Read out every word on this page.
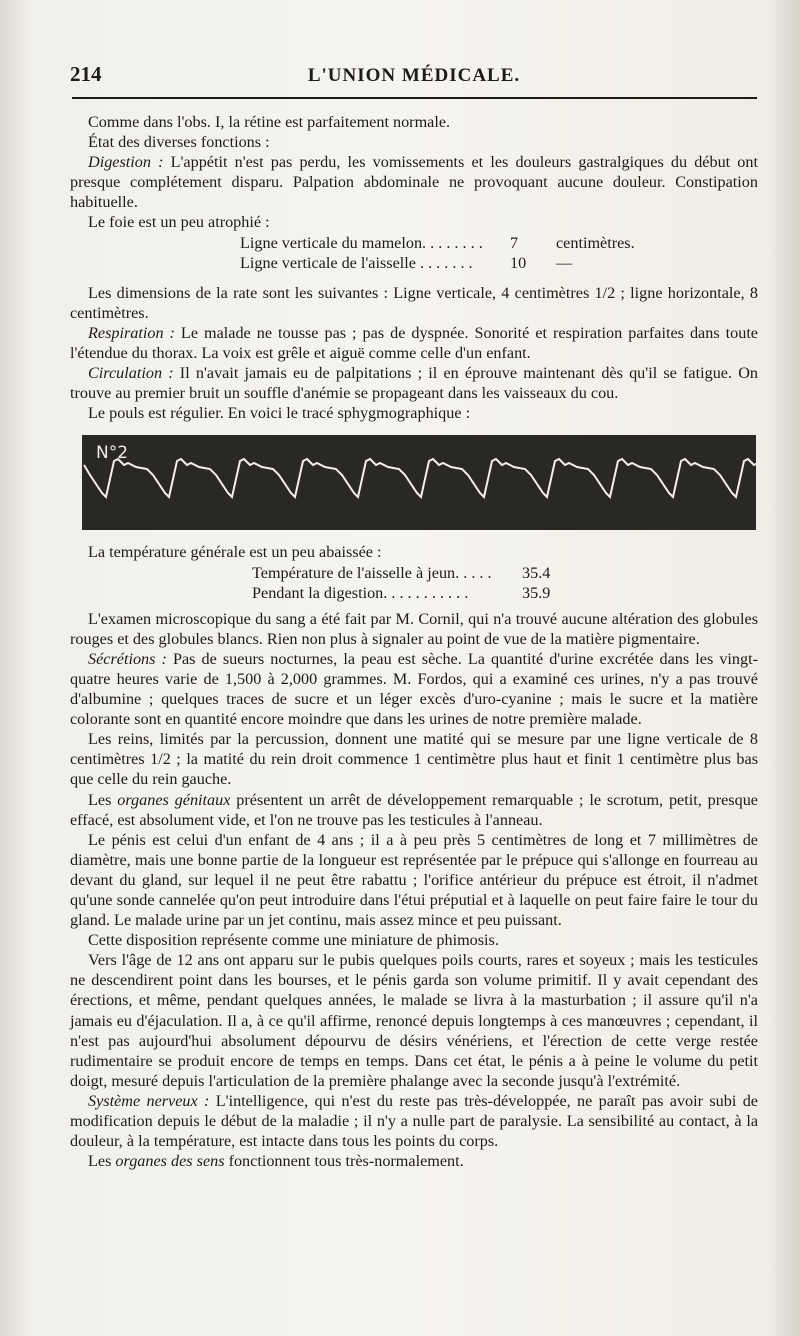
214	L'UNION MÉDICALE.

Comme dans l'obs. I, la rétine est parfaitement normale.

État des diverses fonctions :

Digestion : L'appétit n'est pas perdu, les vomissements et les douleurs gastralgiques du début ont presque complétement disparu. Palpation abdominale ne provoquant aucune douleur. Constipation habituelle.

Le foie est un peu atrophié :

Ligne verticale du mamelon. . . . . . . .	7	centimètres.
Ligne verticale de l'aisselle . . . . . . .	10	—

Les dimensions de la rate sont les suivantes : Ligne verticale, 4 centimètres 1/2 ; ligne horizontale, 8 centimètres.

Respiration : Le malade ne tousse pas ; pas de dyspnée. Sonorité et respiration parfaites dans toute l'étendue du thorax. La voix est grêle et aiguë comme celle d'un enfant.

Circulation : Il n'avait jamais eu de palpitations ; il en éprouve maintenant dès qu'il se fatigue. On trouve au premier bruit un souffle d'anémie se propageant dans les vaisseaux du cou.

Le pouls est régulier. En voici le tracé sphygmographique :

N°2

La température générale est un peu abaissée :

Température de l'aisselle à jeun. . . . .	35.4
Pendant la digestion. . . . . . . . . . .	35.9

L'examen microscopique du sang a été fait par M. Cornil, qui n'a trouvé aucune altération des globules rouges et des globules blancs. Rien non plus à signaler au point de vue de la matière pigmentaire.

Sécrétions : Pas de sueurs nocturnes, la peau est sèche. La quantité d'urine excrétée dans les vingt-quatre heures varie de 1,500 à 2,000 grammes. M. Fordos, qui a examiné ces urines, n'y a pas trouvé d'albumine ; quelques traces de sucre et un léger excès d'uro-cyanine ; mais le sucre et la matière colorante sont en quantité encore moindre que dans les urines de notre première malade.

Les reins, limités par la percussion, donnent une matité qui se mesure par une ligne verticale de 8 centimètres 1/2 ; la matité du rein droit commence 1 centimètre plus haut et finit 1 centimètre plus bas que celle du rein gauche.

Les organes génitaux présentent un arrêt de développement remarquable ; le scrotum, petit, presque effacé, est absolument vide, et l'on ne trouve pas les testicules à l'anneau.

Le pénis est celui d'un enfant de 4 ans ; il a à peu près 5 centimètres de long et 7 millimètres de diamètre, mais une bonne partie de la longueur est représentée par le prépuce qui s'allonge en fourreau au devant du gland, sur lequel il ne peut être rabattu ; l'orifice antérieur du prépuce est étroit, il n'admet qu'une sonde cannelée qu'on peut introduire dans l'étui préputial et à laquelle on peut faire faire le tour du gland. Le malade urine par un jet continu, mais assez mince et peu puissant.

Cette disposition représente comme une miniature de phimosis.

Vers l'âge de 12 ans ont apparu sur le pubis quelques poils courts, rares et soyeux ; mais les testicules ne descendirent point dans les bourses, et le pénis garda son volume primitif. Il y avait cependant des érections, et même, pendant quelques années, le malade se livra à la masturbation ; il assure qu'il n'a jamais eu d'éjaculation. Il a, à ce qu'il affirme, renoncé depuis longtemps à ces manœuvres ; cependant, il n'est pas aujourd'hui absolument dépourvu de désirs vénériens, et l'érection de cette verge restée rudimentaire se produit encore de temps en temps. Dans cet état, le pénis a à peine le volume du petit doigt, mesuré depuis l'articulation de la première phalange avec la seconde jusqu'à l'extrémité.

Système nerveux : L'intelligence, qui n'est du reste pas très-développée, ne paraît pas avoir subi de modification depuis le début de la maladie ; il n'y a nulle part de paralysie. La sensibilité au contact, à la douleur, à la température, est intacte dans tous les points du corps.

Les organes des sens fonctionnent tous très-normalement.
